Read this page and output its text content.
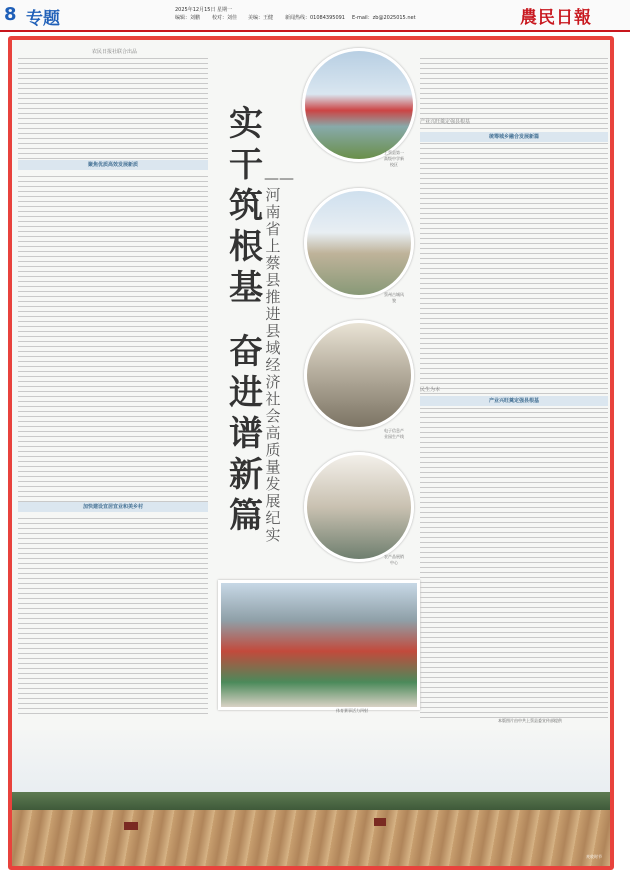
8 专题	2025年12月15日 星期一
编辑：刘鹏 校对：刘佳 美编：王健 新闻热线：01084395091 E-mail：zb@2025015.net	農民日報
农民日报社联合出品
聚焦优质高效发展新质
加快建设宜居宜业和美乡村
实干筑根基
奋进谱新篇
——河南省上蔡县推进县域经济社会高质量发展纪实
上蔡县第一高级中学新校区
蔡州古城风貌
电子信息产业园生产线
农产品展销中心
体育赛事活力四射
产业兴旺奠定强县根基
统筹城乡融合发展新篇
民生为本
产业兴旺奠定强县根基
本版图片由中共上蔡县委宣传部提供
麦收时节
